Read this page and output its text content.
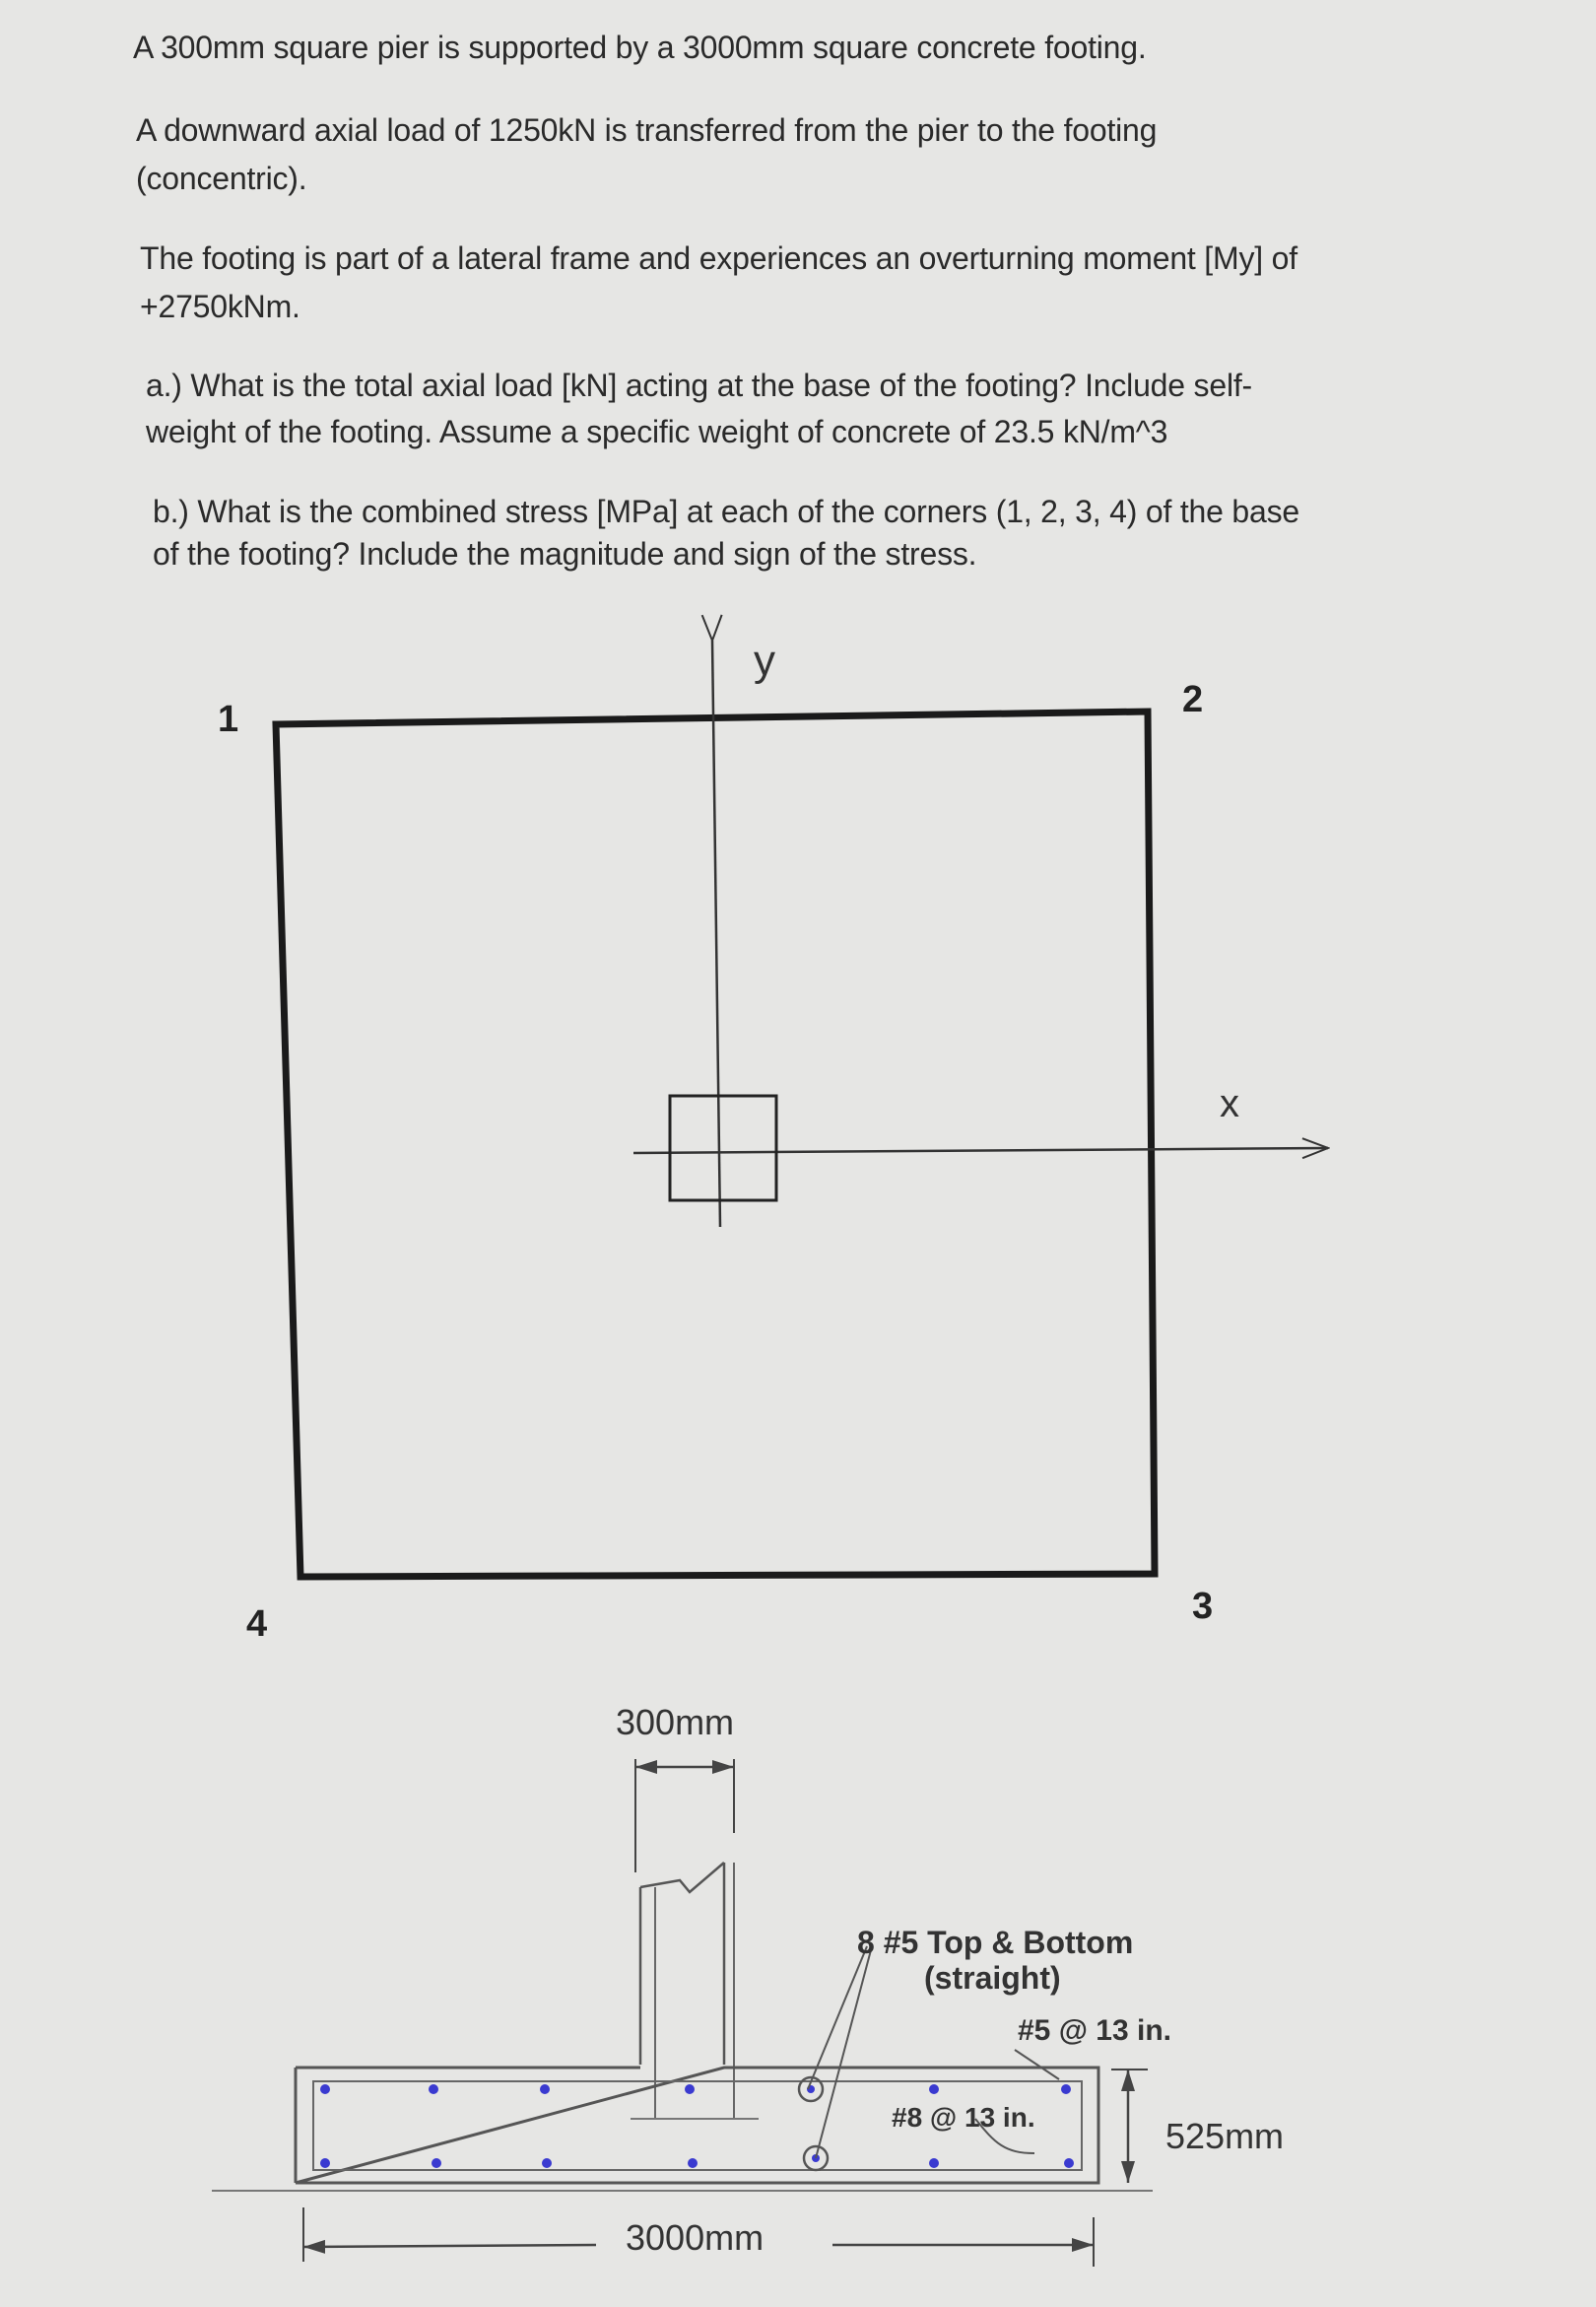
A 300mm square pier is supported by a 3000mm square concrete footing.
A downward axial load of 1250kN is transferred from the pier to the footing
(concentric).
The footing is part of a lateral frame and experiences an overturning moment [My] of
+2750kNm.
a.) What is the total axial load [kN] acting at the base of the footing? Include self-
weight of the footing. Assume a specific weight of concrete of 23.5 kN/m^3
b.) What is the combined stress [MPa] at each of the corners (1, 2, 3, 4) of the base
of the footing? Include the magnitude and sign of the stress.
y
x
1	2
3
4
300mm
8 #5 Top & Bottom
(straight)
#5 @ 13 in.
#8 @ 13 in.	525mm
3000mm
